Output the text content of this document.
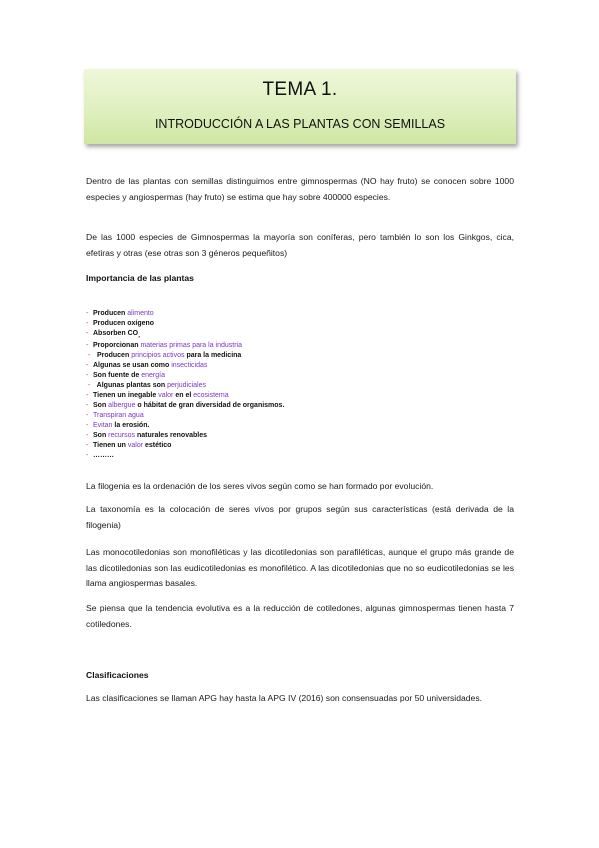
TEMA 1.
INTRODUCCIÓN A LAS PLANTAS CON SEMILLAS
Dentro de las plantas con semillas distinguimos entre gimnospermas (NO hay fruto) se conocen sobre 1000 especies y angiospermas (hay fruto) se estima que hay sobre 400000 especies.
De las 1000 especies de Gimnospermas la mayoría son coníferas, pero también lo son los Ginkgos, cica, efetiras y otras (ese otras son 3 géneros pequeñitos)
Importancia de las plantas
- Producen alimento
- Producen oxígeno
- Absorben $CO_{_2}$
- Proporcionan materias primas para la industria
- Producen principios activos para la medicina
- Algunas se usan como insecticidas
- Son fuente de energía
- Algunas plantas son perjudiciales
- Tienen un inegable valor en el ecosistema
- Son albergue o hábitat de gran diversidad de organismos.
- Transpiran agua
- Evitan la erosión.
- Son recursos naturales renovables
- Tienen un valor estético
- ………
La filogenia es la ordenación de los seres vivos según como se han formado por evolución.
La taxonomía es la colocación de seres vivos por grupos según sus características (está derivada de la filogenia)
Las monocotiledonias son monofiléticas y las dicotiledonias son parafiléticas, aunque el grupo más grande de las dicotiledonias son las eudicotiledonias es monofilético. A las dicotiledonias que no so eudicotiledonias se les llama angiospermas basales.
Se piensa que la tendencia evolutiva es a la reducción de cotiledones, algunas gimnospermas tienen hasta 7 cotiledones.
Clasificaciones
Las clasificaciones se llaman APG hay hasta la APG IV (2016) son consensuadas por 50 universidades.
